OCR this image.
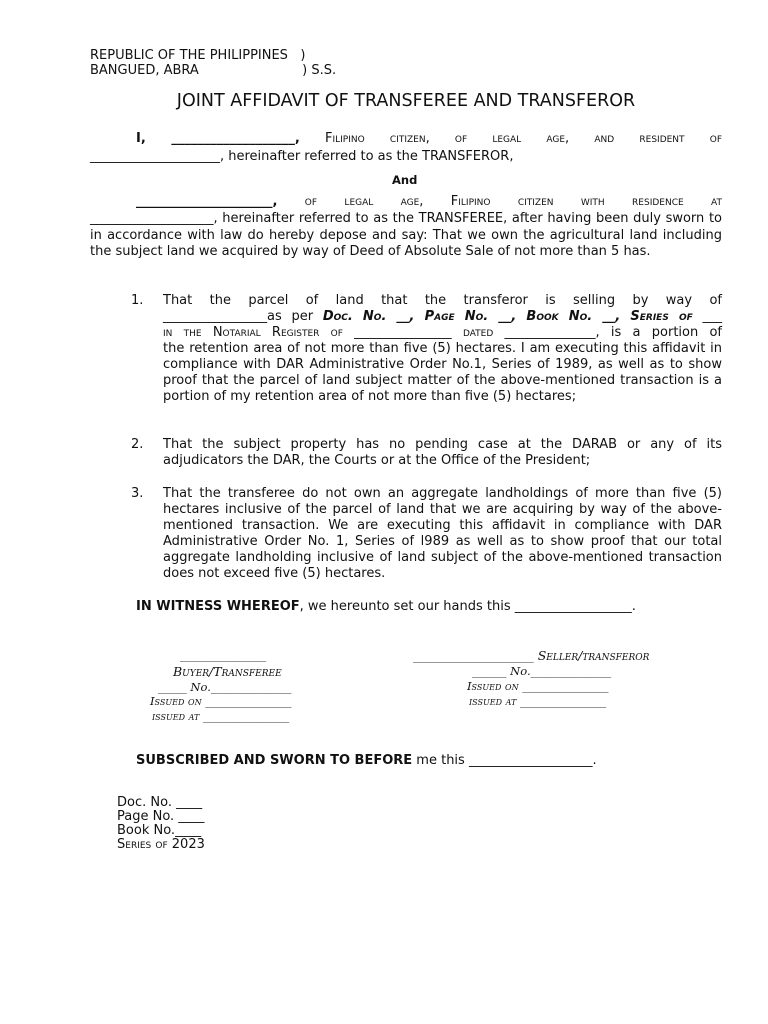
REPUBLIC OF THE PHILIPPINES   )
BANGUED, ABRA                         ) S.S.
JOINT AFFIDAVIT OF TRANSFEREE AND TRANSFEROR
I, ___________________, Filipino citizen, of legal age, and resident of
____________________, hereinafter referred to as the TRANSFEROR,
And
_____________________, of legal age, Filipino citizen with residence at
___________________, hereinafter referred to as the TRANSFEREE, after having been duly sworn to in accordance with law do hereby depose and say: That we own the agricultural land including the subject land we acquired by way of Deed of Absolute Sale of not more than 5 has.
1. That the parcel of land that the transferor is selling by way of
________________as per Doc. No. __, Page No. __, Book No. __, Series of ___
in the Notarial Register of _______________ dated ______________, is a portion of
the retention area of not more than five (5) hectares. I am executing this affidavit in compliance with DAR Administrative Order No.1, Series of 1989, as well as to show proof that the parcel of land subject matter of the above-mentioned transaction is a portion of my retention area of not more than five (5) hectares;
2. That the subject property has no pending case at the DARAB or any of its adjudicators the DAR, the Courts or at the Office of the President;
3. That the transferee do not own an aggregate landholdings of more than five (5) hectares inclusive of the parcel of land that we are acquiring by way of the above-mentioned transaction. We are executing this affidavit in compliance with DAR Administrative Order No. 1, Series of l989 as well as to show proof that our total aggregate landholding inclusive of land subject of the above-mentioned transaction does not exceed five (5) hectares.
IN WITNESS WHEREOF, we hereunto set our hands this __________________.
_______________
Buyer/Transferee
_____ No.______________
Issued on _______________
issued at _______________
_____________________ Seller/transferor
______ No.______________
Issued on _______________
issued at _______________
SUBSCRIBED AND SWORN TO BEFORE me this ___________________.
Doc. No. ____
Page No. ____
Book No.____
Series of 2023
